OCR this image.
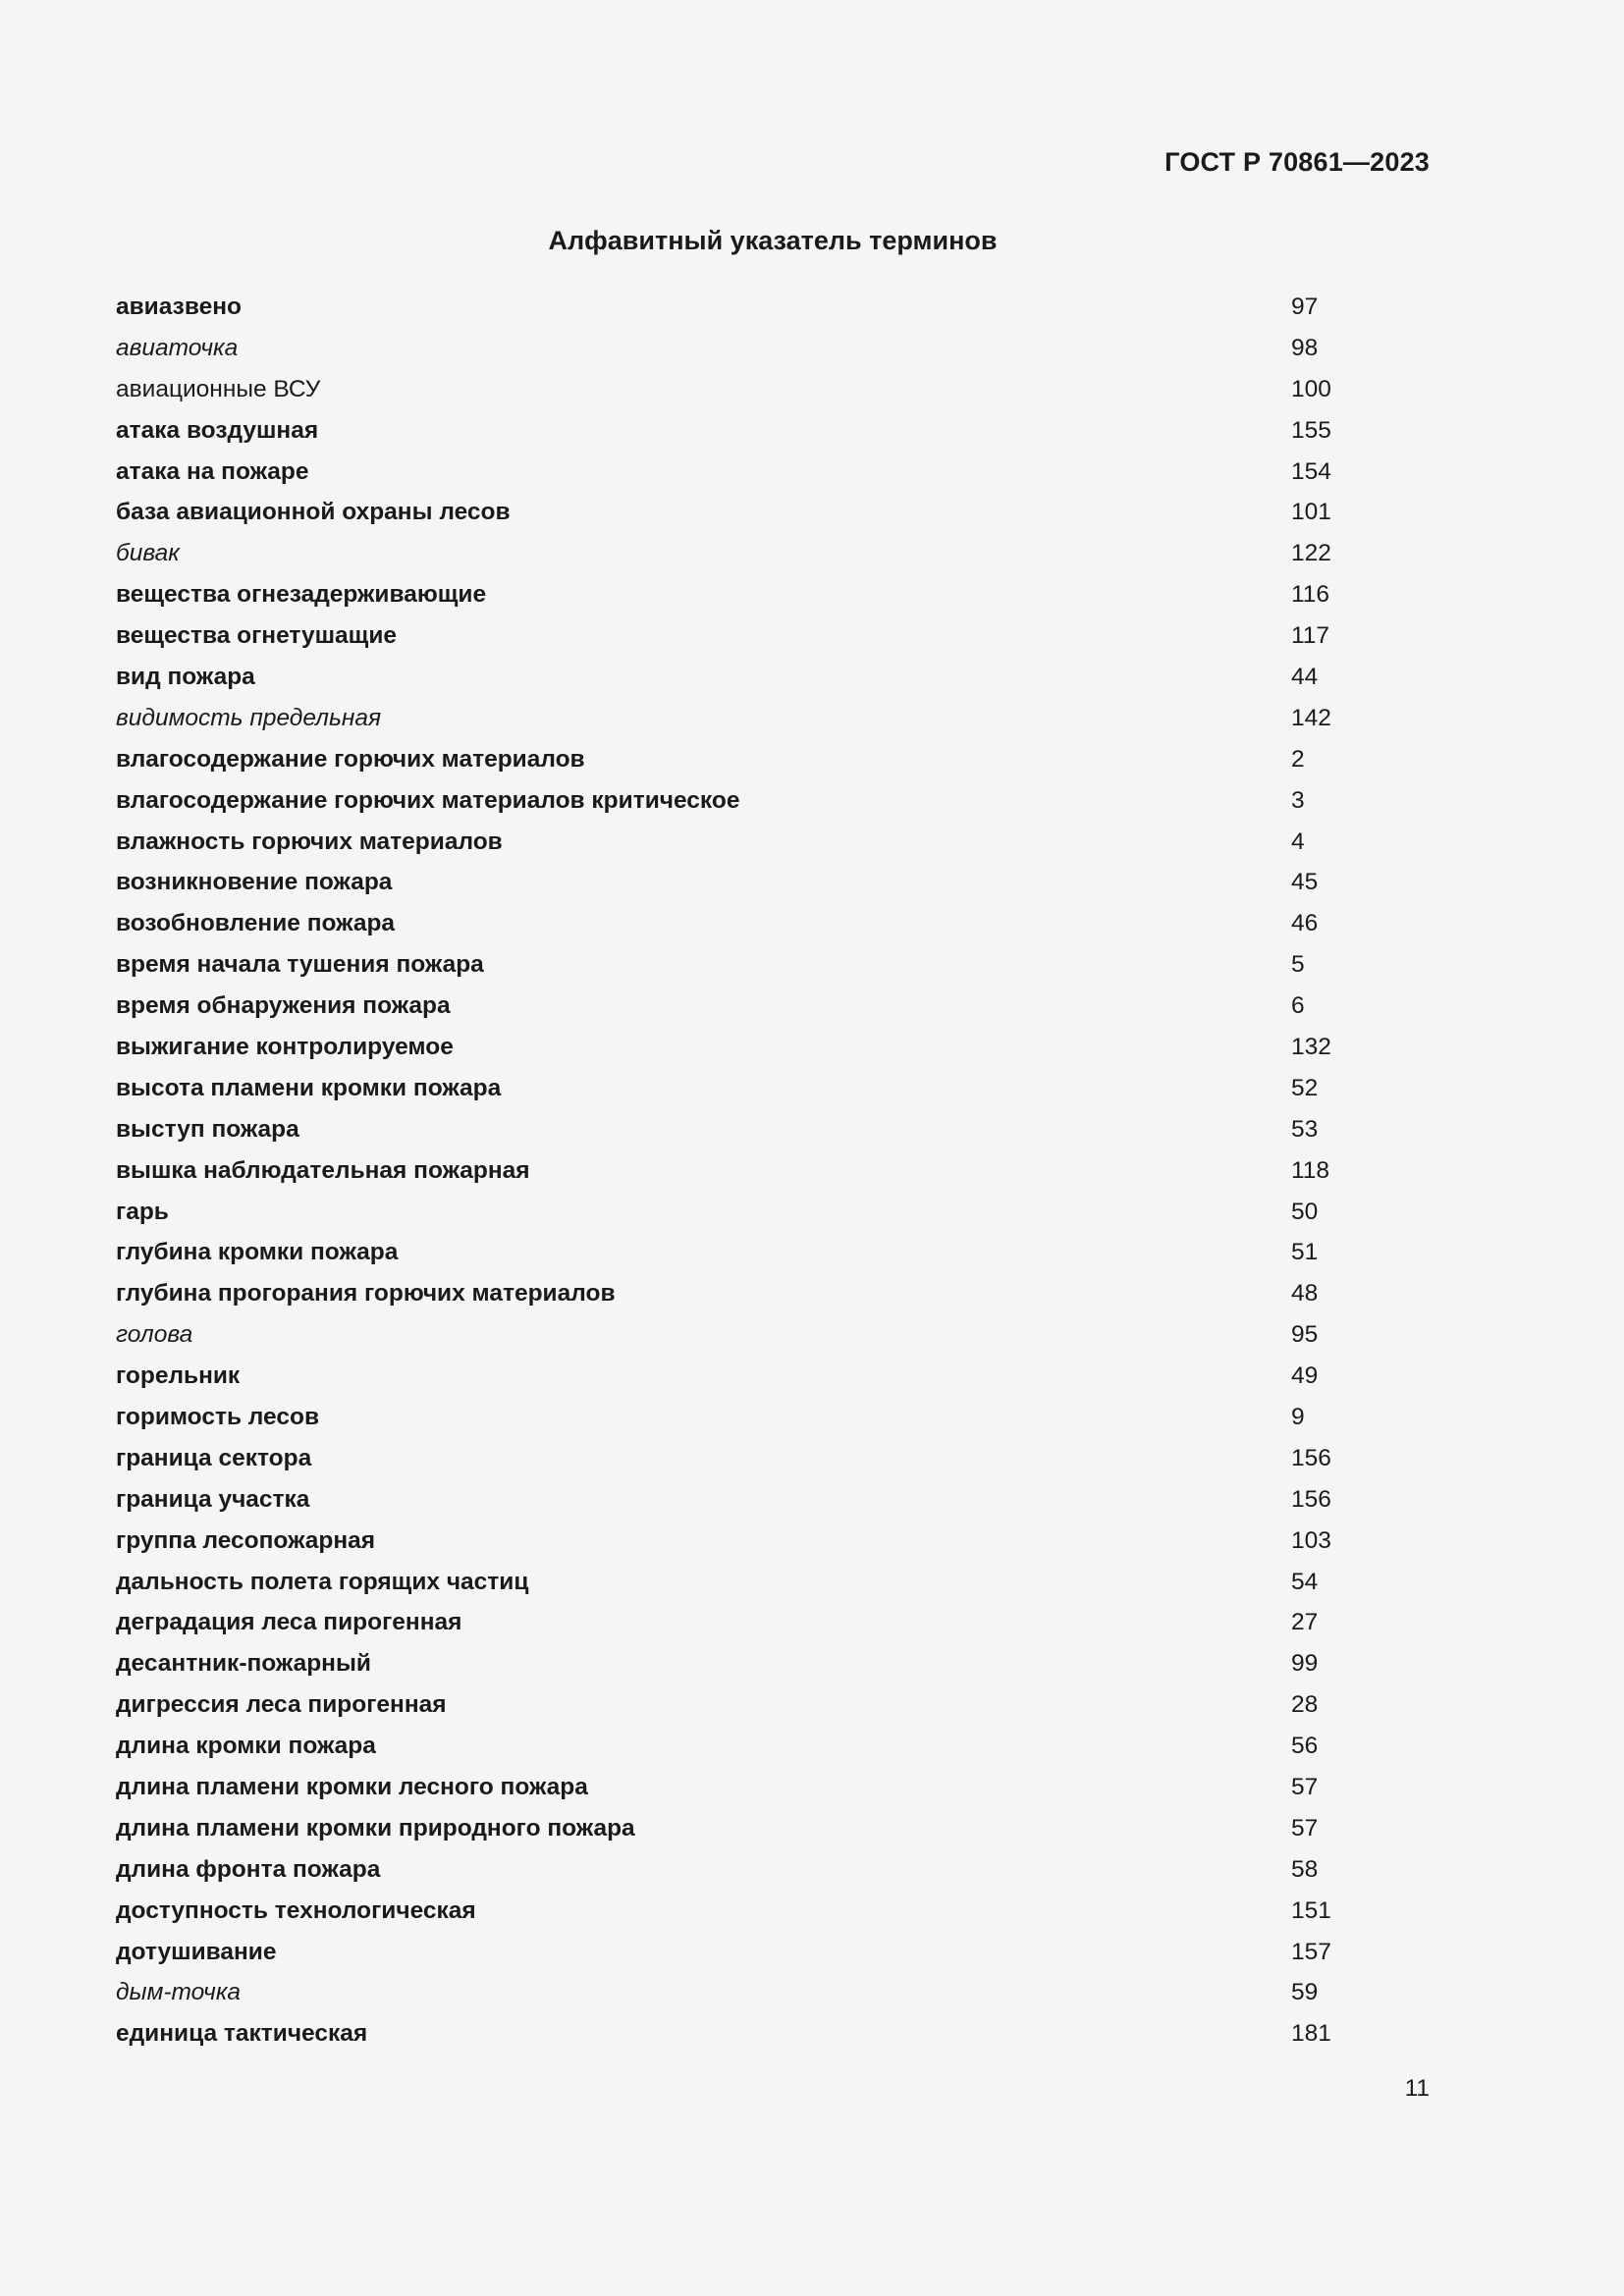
ГОСТ Р 70861—2023
Алфавитный указатель терминов
авиазвено	97
авиаточка	98
авиационные ВСУ	100
атака воздушная	155
атака на пожаре	154
база авиационной охраны лесов	101
бивак	122
вещества огнезадерживающие	116
вещества огнетушащие	117
вид пожара	44
видимость предельная	142
влагосодержание горючих материалов	2
влагосодержание горючих материалов критическое	3
влажность горючих материалов	4
возникновение пожара	45
возобновление пожара	46
время начала тушения пожара	5
время обнаружения пожара	6
выжигание контролируемое	132
высота пламени кромки пожара	52
выступ пожара	53
вышка наблюдательная пожарная	118
гарь	50
глубина кромки пожара	51
глубина прогорания горючих материалов	48
голова	95
горельник	49
горимость лесов	9
граница сектора	156
граница участка	156
группа лесопожарная	103
дальность полета горящих частиц	54
деградация леса пирогенная	27
десантник-пожарный	99
дигрессия леса пирогенная	28
длина кромки пожара	56
длина пламени кромки лесного пожара	57
длина пламени кромки природного пожара	57
длина фронта пожара	58
доступность технологическая	151
дотушивание	157
дым-точка	59
единица тактическая	181
11
